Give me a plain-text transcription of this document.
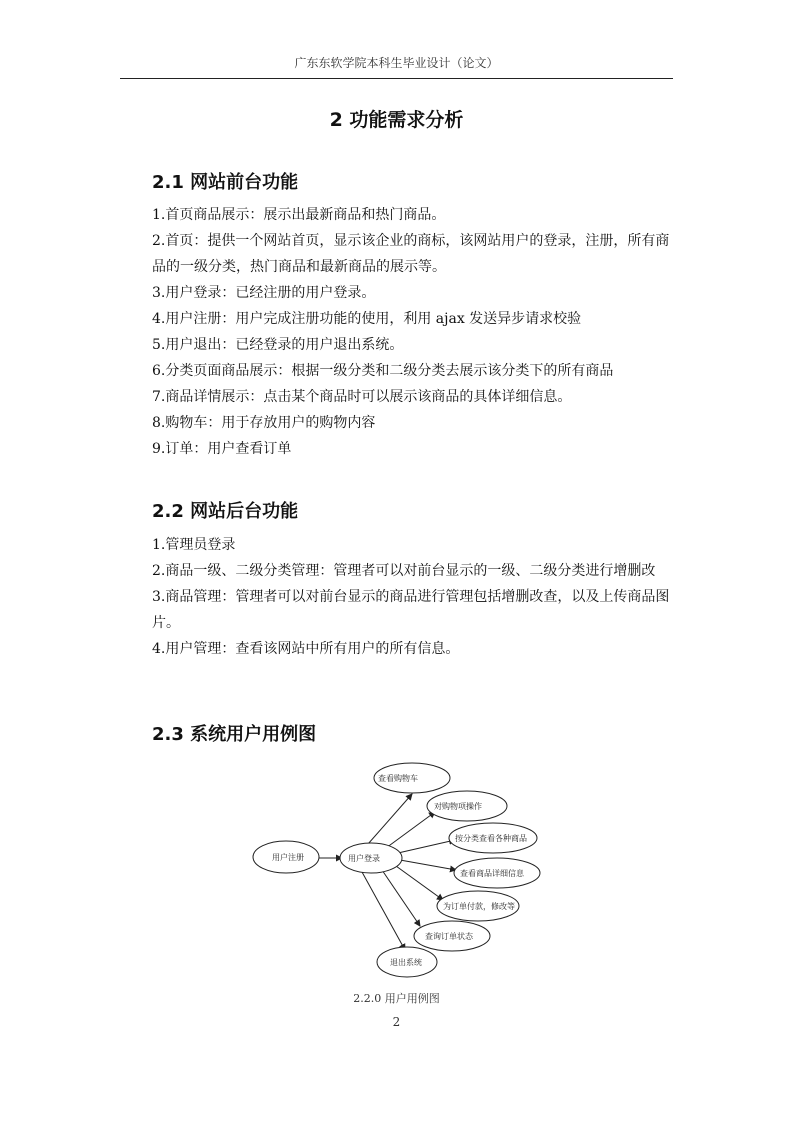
广东东软学院本科生毕业设计（论文）
2 功能需求分析
2.1 网站前台功能

1.首页商品展示：展示出最新商品和热门商品。

2.首页：提供一个网站首页，显示该企业的商标，该网站用户的登录，注册，所有商品的一级分类，热门商品和最新商品的展示等。

3.用户登录：已经注册的用户登录。

4.用户注册：用户完成注册功能的使用，利用 ajax 发送异步请求校验

5.用户退出：已经登录的用户退出系统。

6.分类页面商品展示：根据一级分类和二级分类去展示该分类下的所有商品

7.商品详情展示：点击某个商品时可以展示该商品的具体详细信息。

8.购物车：用于存放用户的购物内容

9.订单：用户查看订单

2.2 网站后台功能

1.管理员登录

2.商品一级、二级分类管理：管理者可以对前台显示的一级、二级分类进行增删改

3.商品管理：管理者可以对前台显示的商品进行管理包括增删改查，以及上传商品图片。

4.用户管理：查看该网站中所有用户的所有信息。

2.3 系统用户用例图
用户注册	用户登录
查看购物车
对购物项操作
按分类查看各种商品
查看商品详细信息
为订单付款，修改等
查询订单状态
退出系统
2.2.0 用户用例图
2
